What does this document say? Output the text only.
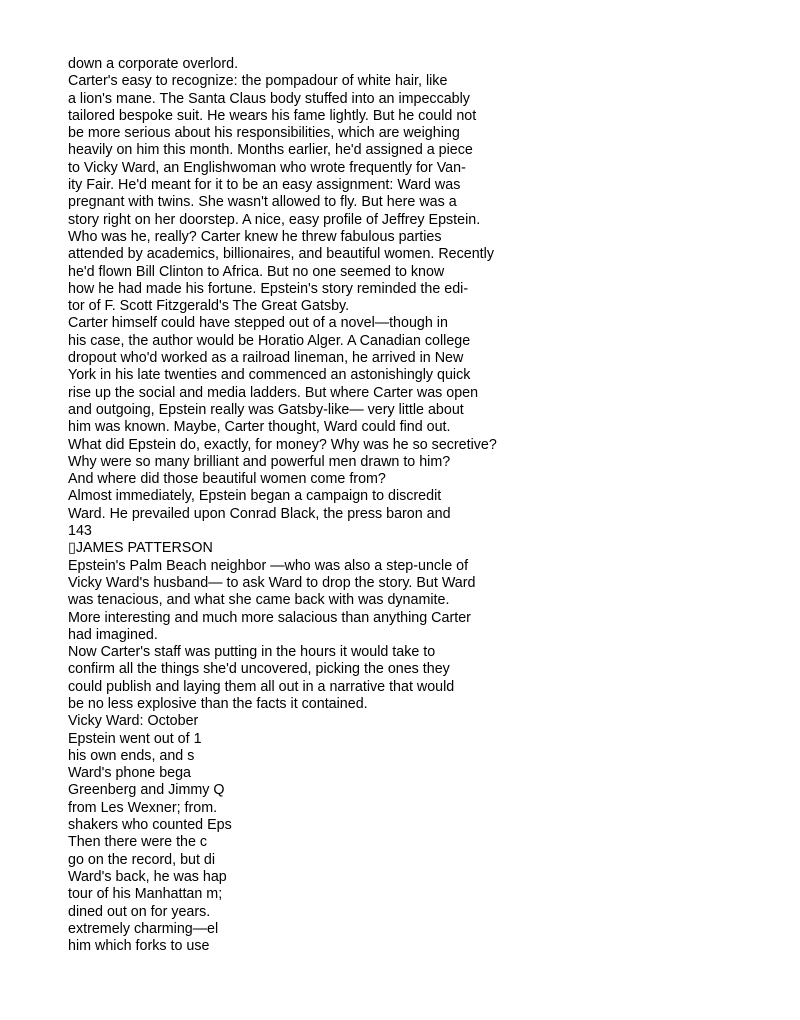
down a corporate overlord.
Carter's easy to recognize: the pompadour of white hair, like
a lion's mane. The Santa Claus body stuffed into an impeccably
tailored bespoke suit. He wears his fame lightly. But he could not
be more serious about his responsibilities, which are weighing
heavily on him this month. Months earlier, he'd assigned a piece
to Vicky Ward, an Englishwoman who wrote frequently for Van-
ity Fair. He'd meant for it to be an easy assignment: Ward was
pregnant with twins. She wasn't allowed to fly. But here was a
story right on her doorstep. A nice, easy profile of Jeffrey Epstein.
Who was he, really? Carter knew he threw fabulous parties
attended by academics, billionaires, and beautiful women. Recently
he'd flown Bill Clinton to Africa. But no one seemed to know
how he had made his fortune. Epstein's story reminded the edi-
tor of F. Scott Fitzgerald's The Great Gatsby.
Carter himself could have stepped out of a novel—though in
his case, the author would be Horatio Alger. A Canadian college
dropout who'd worked as a railroad lineman, he arrived in New
York in his late twenties and commenced an astonishingly quick
rise up the social and media ladders. But where Carter was open
and outgoing, Epstein really was Gatsby-like— very little about
him was known. Maybe, Carter thought, Ward could find out.
What did Epstein do, exactly, for money? Why was he so secretive?
Why were so many brilliant and powerful men drawn to him?
And where did those beautiful women come from?
Almost immediately, Epstein began a campaign to discredit
Ward. He prevailed upon Conrad Black, the press baron and
143
▯JAMES PATTERSON
Epstein's Palm Beach neighbor —who was also a step-uncle of
Vicky Ward's husband— to ask Ward to drop the story. But Ward
was tenacious, and what she came back with was dynamite.
More interesting and much more salacious than anything Carter
had imagined.
Now Carter's staff was putting in the hours it would take to
confirm all the things she'd uncovered, picking the ones they
could publish and laying them all out in a narrative that would
be no less explosive than the facts it contained.
Vicky Ward: October
Epstein went out of 1
his own ends, and s
Ward's phone bega
Greenberg and Jimmy Q
from Les Wexner; from.
shakers who counted Eps
Then there were the c
go on the record, but di
Ward's back, he was hap
tour of his Manhattan m;
dined out on for years.
extremely charming—el
him which forks to use
